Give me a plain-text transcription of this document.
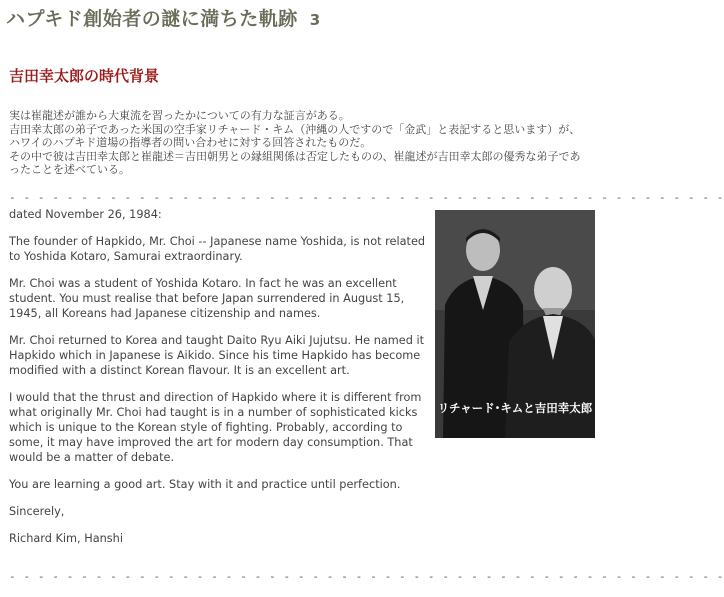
ハプキド創始者の謎に満ちた軌跡 3
吉田幸太郎の時代背景

実は崔龍述が誰から大東流を習ったかについての有力な証言がある。

吉田幸太郎の弟子であった米国の空手家リチャード・キム（沖縄の人ですので「金武」と表記すると思います）が、ハワイのハプキド道場の指導者の問い合わせに対する回答されたものだ。

その中で彼は吉田幸太郎と崔龍述＝吉田朝男との縁組関係は否定したものの、崔龍述が吉田幸太郎の優秀な弟子であったことを述べている。

- - - - - - - - - - - - - - - - - - - - - - - - - - - - - - - - - - - - - - - - - - - - - - - - - -
リチャード･キムと吉田幸太郎

dated November 26, 1984:

The founder of Hapkido, Mr. Choi -- Japanese name Yoshida, is not related to Yoshida Kotaro, Samurai extraordinary.

Mr. Choi was a student of Yoshida Kotaro. In fact he was an excellent student. You must realise that before Japan surrendered in August 15, 1945, all Koreans had Japanese citizenship and names.

Mr. Choi returned to Korea and taught Daito Ryu Aiki Jujutsu. He named it Hapkido which in Japanese is Aikido. Since his time Hapkido has become modified with a distinct Korean flavour. It is an excellent art.

I would that the thrust and direction of Hapkido where it is different from what originally Mr. Choi had taught is in a number of sophisticated kicks which is unique to the Korean style of fighting. Probably, according to some, it may have improved the art for modern day consumption. That would be a matter of debate.

You are learning a good art. Stay with it and practice until perfection.

Sincerely,

Richard Kim, Hanshi

- - - - - - - - - - - - - - - - - - - - - - - - - - - - - - - - - - - - - - - - - - - - - - - - - -
